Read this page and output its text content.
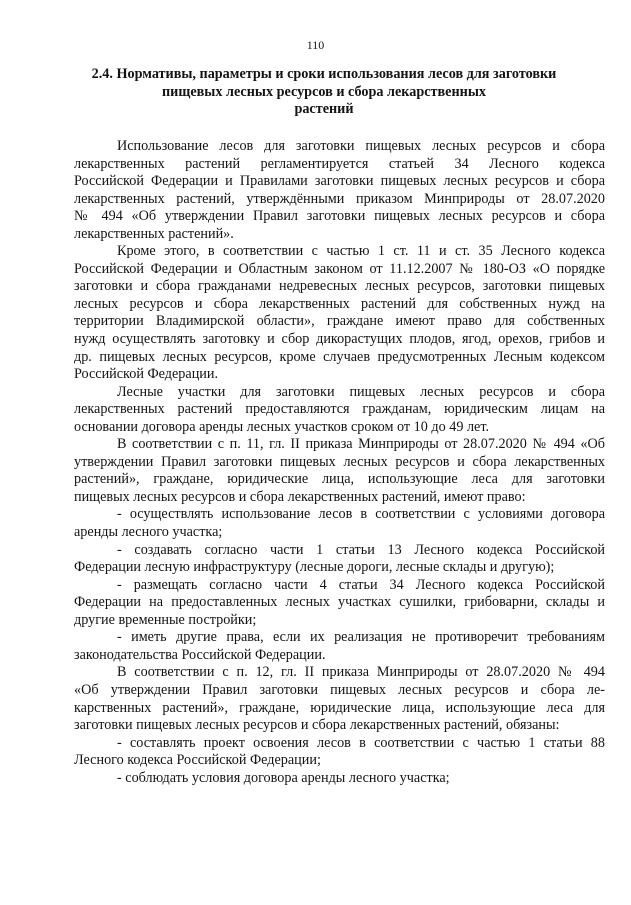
110
2.4. Нормативы, параметры и сроки использования лесов для заготовки
пищевых лесных ресурсов и сбора лекарственных
растений
Использование лесов для заготовки пищевых лесных ресурсов и сбора
лекарственных растений регламентируется статьей 34 Лесного кодекса
Российской Федерации и Правилами заготовки пищевых лесных ресурсов и сбора
лекарственных растений, утверждёнными приказом Минприроды от 28.07.2020
№ 494 «Об утверждении Правил заготовки пищевых лесных ресурсов и сбора
лекарственных растений».
Кроме этого, в соответствии с частью 1 ст. 11 и ст. 35 Лесного кодекса
Российской Федерации и Областным законом от 11.12.2007 № 180-ОЗ «О порядке
заготовки и сбора гражданами недревесных лесных ресурсов, заготовки пищевых
лесных ресурсов и сбора лекарственных растений для собственных нужд на
территории Владимирской области», граждане имеют право для собственных
нужд осуществлять заготовку и сбор дикорастущих плодов, ягод, орехов, грибов и
др. пищевых лесных ресурсов, кроме случаев предусмотренных Лесным кодексом
Российской Федерации.
Лесные участки для заготовки пищевых лесных ресурсов и сбора
лекарственных растений предоставляются гражданам, юридическим лицам на
основании договора аренды лесных участков сроком от 10 до 49 лет.
В соответствии с п. 11, гл. II приказа Минприроды от 28.07.2020 № 494 «Об
утверждении Правил заготовки пищевых лесных ресурсов и сбора лекарственных
растений», граждане, юридические лица, использующие леса для заготовки
пищевых лесных ресурсов и сбора лекарственных растений, имеют право:
- осуществлять использование лесов в соответствии с условиями договора
аренды лесного участка;
- создавать согласно части 1 статьи 13 Лесного кодекса Российской
Федерации лесную инфраструктуру (лесные дороги, лесные склады и другую);
- размещать согласно части 4 статьи 34 Лесного кодекса Российской
Федерации на предоставленных лесных участках сушилки, грибоварни, склады и
другие временные постройки;
- иметь другие права, если их реализация не противоречит требованиям
законодательства Российской Федерации.
В соответствии с п. 12, гл. II приказа Минприроды от 28.07.2020 № 494
«Об утверждении Правил заготовки пищевых лесных ресурсов и сбора ле-
карственных растений», граждане, юридические лица, использующие леса для
заготовки пищевых лесных ресурсов и сбора лекарственных растений, обязаны:
- составлять проект освоения лесов в соответствии с частью 1 статьи 88
Лесного кодекса Российской Федерации;
- соблюдать условия договора аренды лесного участка;
